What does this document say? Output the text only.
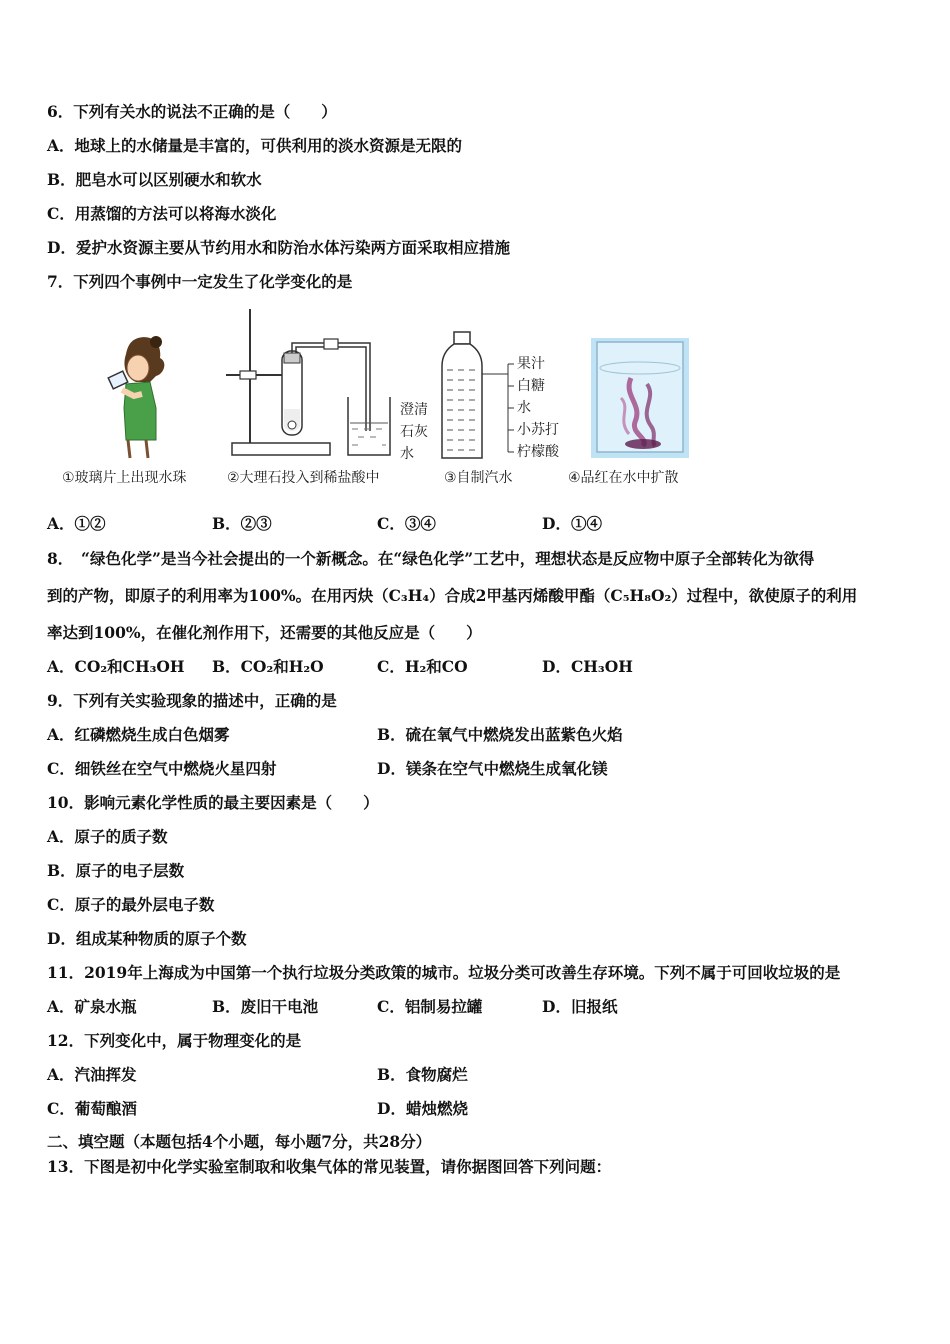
6．下列有关水的说法不正确的是（　　）
A．地球上的水储量是丰富的，可供利用的淡水资源是无限的
B．肥皂水可以区别硬水和软水
C．用蒸馏的方法可以将海水淡化
D．爱护水资源主要从节约用水和防治水体污染两方面采取相应措施
7．下列四个事例中一定发生了化学变化的是
澄清
石灰
水
果汁
白糖
水
小苏打
柠檬酸
①玻璃片上出现水珠	②大理石投入到稀盐酸中	③自制汽水	④品红在水中扩散
A．①②	B．②③	C．③④	D．①④
8．　“绿色化学”是当今社会提出的一个新概念。在“绿色化学”工艺中，理想状态是反应物中原子全部转化为欲得
到的产物，即原子的利用率为100%。在用丙炔（C₃H₄）合成2甲基丙烯酸甲酯（C₅H₈O₂）过程中，欲使原子的利用
率达到100%，在催化剂作用下，还需要的其他反应是（　　）
A．CO₂和CH₃OH B．CO₂和H₂O	C．H₂和CO	D．CH₃OH
9．下列有关实验现象的描述中，正确的是
A．红磷燃烧生成白色烟雾	B．硫在氧气中燃烧发出蓝紫色火焰
C．细铁丝在空气中燃烧火星四射	D．镁条在空气中燃烧生成氧化镁
10．影响元素化学性质的最主要因素是（　　）
A．原子的质子数
B．原子的电子层数
C．原子的最外层电子数
D．组成某种物质的原子个数
11．2019年上海成为中国第一个执行垃圾分类政策的城市。垃圾分类可改善生存环境。下列不属于可回收垃圾的是
A．矿泉水瓶	B．废旧干电池	C．铝制易拉罐	D．旧报纸
12．下列变化中，属于物理变化的是
A．汽油挥发	B．食物腐烂
C．葡萄酿酒	D．蜡烛燃烧
二、填空题（本题包括4个小题，每小题7分，共28分）
13．下图是初中化学实验室制取和收集气体的常见装置，请你据图回答下列问题：
